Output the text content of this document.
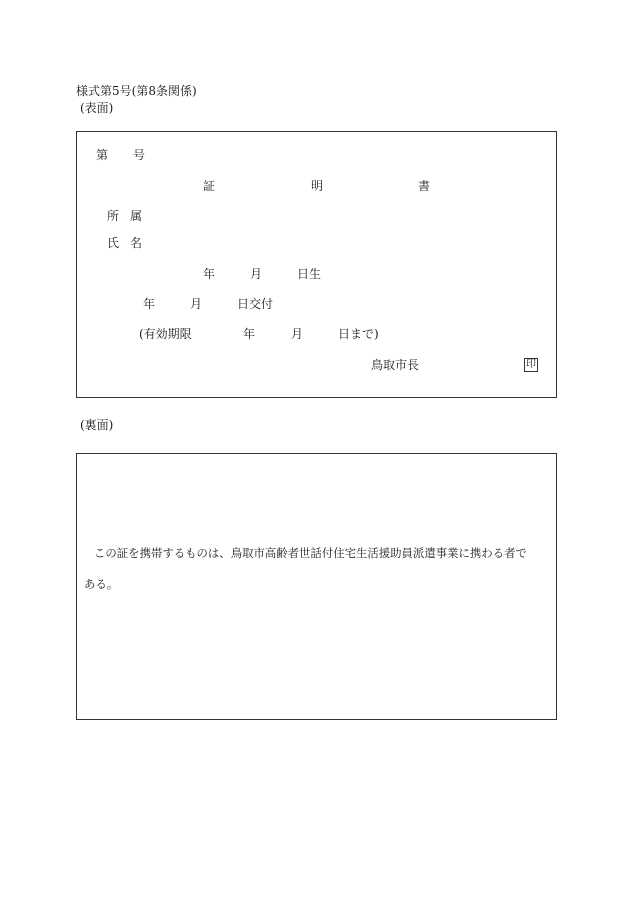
様式第5号(第8条関係)
(表面)
第 号
証	明	書
所 属
氏 名
年	月	日生
年	月	日交付
(有効期限	年	月	日まで)
鳥取市長	印
(裏面)
この証を携帯するものは、鳥取市高齢者世話付住宅生活援助員派遣事業に携わる者で
ある。
